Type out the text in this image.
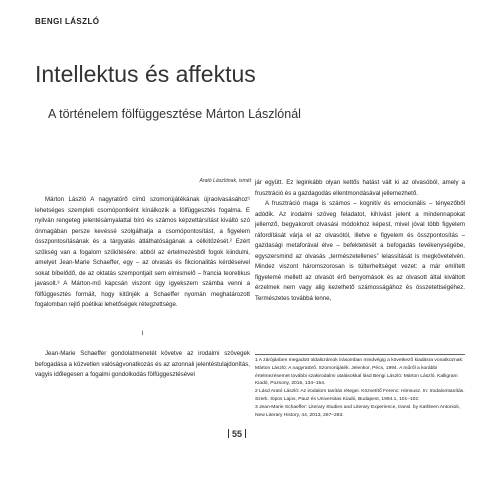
BENGI LÁSZLÓ
Intellektus és affektus
A történelem fölfüggesztése Márton Lászlónál
Arató Lászlónak, ismét

Márton László A nagyratörő című szomorújátékának újraolvasásához¹ lehetséges szempleti csomópontként kínálkozik a fölfüggesztés fogalma. E nyilván rengeteg jelentésámyalattal bíró és számos képzettársítást kiváltó szó önmagában persze kevéssé szolgálhatja a csomópontosítást, a figyelem összpontosításának és a tárgyalás átláthatóságának a célkitűzését.² Ezért szűkség van a fogalom szűkítésére: abból az értelmezésből fogok kiindulni, amelyet Jean-Marie Schaeffer, egy – az olvasás és fikcionalitás kérdéseivel sokat bíbelődő, de az oktatás szempontjait sem elmismelő – francia teoretikus javasolt.³ A Márton-mű kapcsán viszont úgy igyekszem számba venni a fölfüggesztés formáit, hogy kitűnjék a Schaeffer nyomán meghatározott fogalomban rejlő poétikai lehetőségek rétegzettsége.

I

Jean-Marie Schaeffer gondolatmenetét követve az irodalmi szövegek befogadása a közvetlen valóságvonatkozás és az azonnali jelentéstulajdonítás, vagyis időlegesen a fogalmi gondolkodás fölfüggesztésével

jár együtt. Ez leginkább olyan kettős hatást vált ki az olvasóból, amely a frusztráció és a gazdagodás ellentmondásával jellemezhető.

A frusztráció maga is számos – kognitív és emocionális – tényezőből adódik. Az irodalmi szöveg feladatot, kihívást jelent a mindennapokat jellemző, begyakorolt olvasási módokhoz képest, mivel jóval több figyelem ráfordítását várja el az olvasótól, illetve e figyelem és összpontosítás – gazdasági metaforával élve – befektetését a befogadás tevékenységébe, egyszersmind az olvasás „természetellenes” lelassítását is megkövetelvén. Mindez viszont háromszorosan is túlterheltséget vezet: a már említett figyelemé mellett az olvasót érő benyomások és az olvasott által kiváltott érzelmek nem vagy alig kezelhető számosságához és összetettségéhez. Természetes továbbá lenne,

1 A zárójánben megadott oldalszámok írásomban mindvégig a következő kiadásra vonatkoznak: Márton László: A nagyratörő. Szomorújáték. Jelenkor, Pécs, 1994. A műről a korábbi értelmezésemet további szakirodalmi utalásokkal lásd Bengi László: Márton László. Kalligram Kiadó, Pozsony, 2015, 134–154.

2 Lásd Arató László: Az irodalom tanítás rétegei. Közvetítő Ferenc: Himnusz. In: Irodalomtanítás. Szerk. Sipos Lajos, Pauz és Universitas Kiadó, Budapest, 1994.1, 101–102.

3 Jean-Marie Schaeffer: Literary Studies and Literary Experience, transl. by Kathleen Antonioli, New Literary History, 44, 2013, 267–283.

55
